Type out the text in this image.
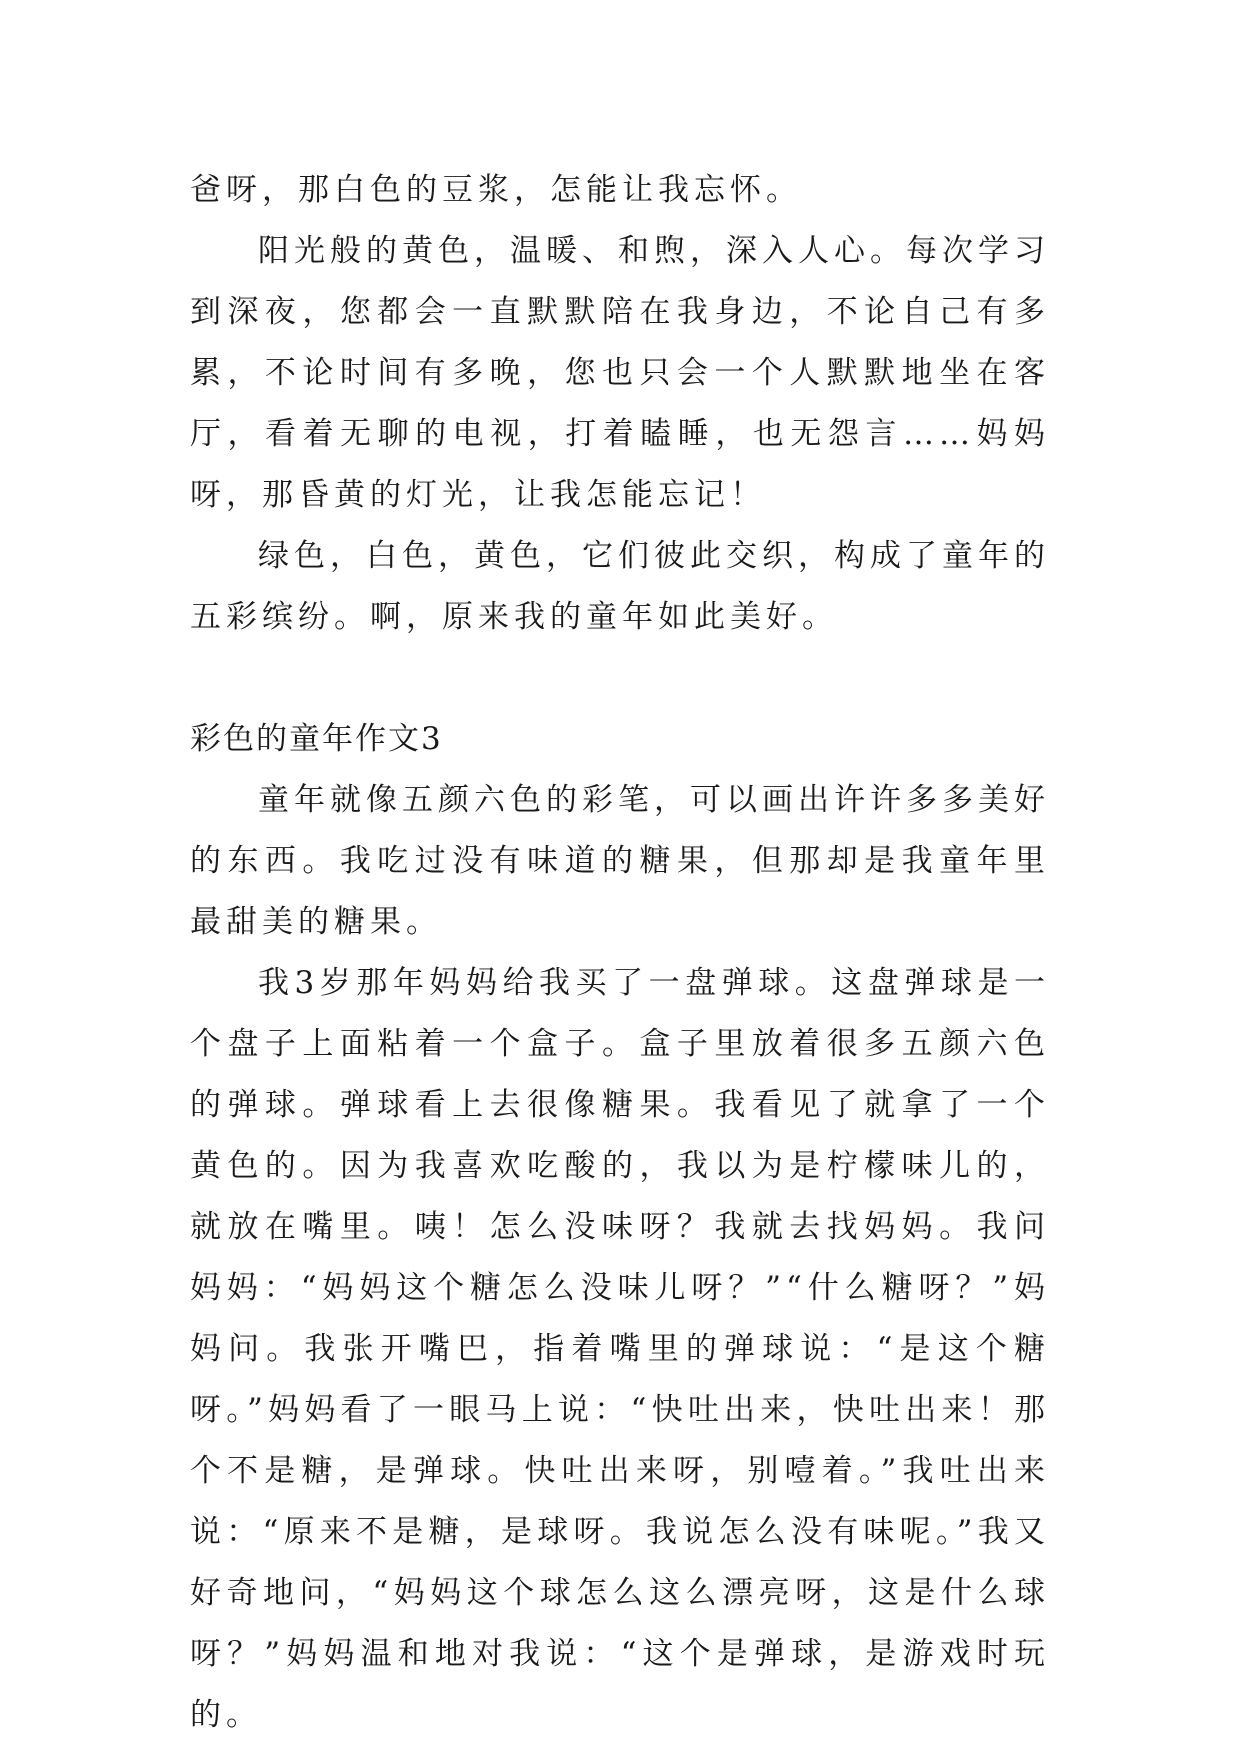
爸呀，那白色的豆浆，怎能让我忘怀。

阳光般的黄色，温暖、和煦，深入人心。每次学习到深夜，您都会一直默默陪在我身边，不论自己有多累，不论时间有多晚，您也只会一个人默默地坐在客厅，看着无聊的电视，打着瞌睡，也无怨言……妈妈呀，那昏黄的灯光，让我怎能忘记！

绿色，白色，黄色，它们彼此交织，构成了童年的五彩缤纷。啊，原来我的童年如此美好。

彩色的童年作文3

童年就像五颜六色的彩笔，可以画出许许多多美好的东西。我吃过没有味道的糖果，但那却是我童年里最甜美的糖果。

我3岁那年妈妈给我买了一盘弹球。这盘弹球是一个盘子上面粘着一个盒子。盒子里放着很多五颜六色的弹球。弹球看上去很像糖果。我看见了就拿了一个黄色的。因为我喜欢吃酸的，我以为是柠檬味儿的，就放在嘴里。咦！怎么没味呀？我就去找妈妈。我问妈妈：“妈妈这个糖怎么没味儿呀？”“什么糖呀？”妈妈问。我张开嘴巴，指着嘴里的弹球说：“是这个糖呀。”妈妈看了一眼马上说：“快吐出来，快吐出来！那个不是糖，是弹球。快吐出来呀，别噎着。”我吐出来说：“原来不是糖，是球呀。我说怎么没有味呢。”我又好奇地问，“妈妈这个球怎么这么漂亮呀，这是什么球呀？”妈妈温和地对我说：“这个是弹球，是游戏时玩的。
